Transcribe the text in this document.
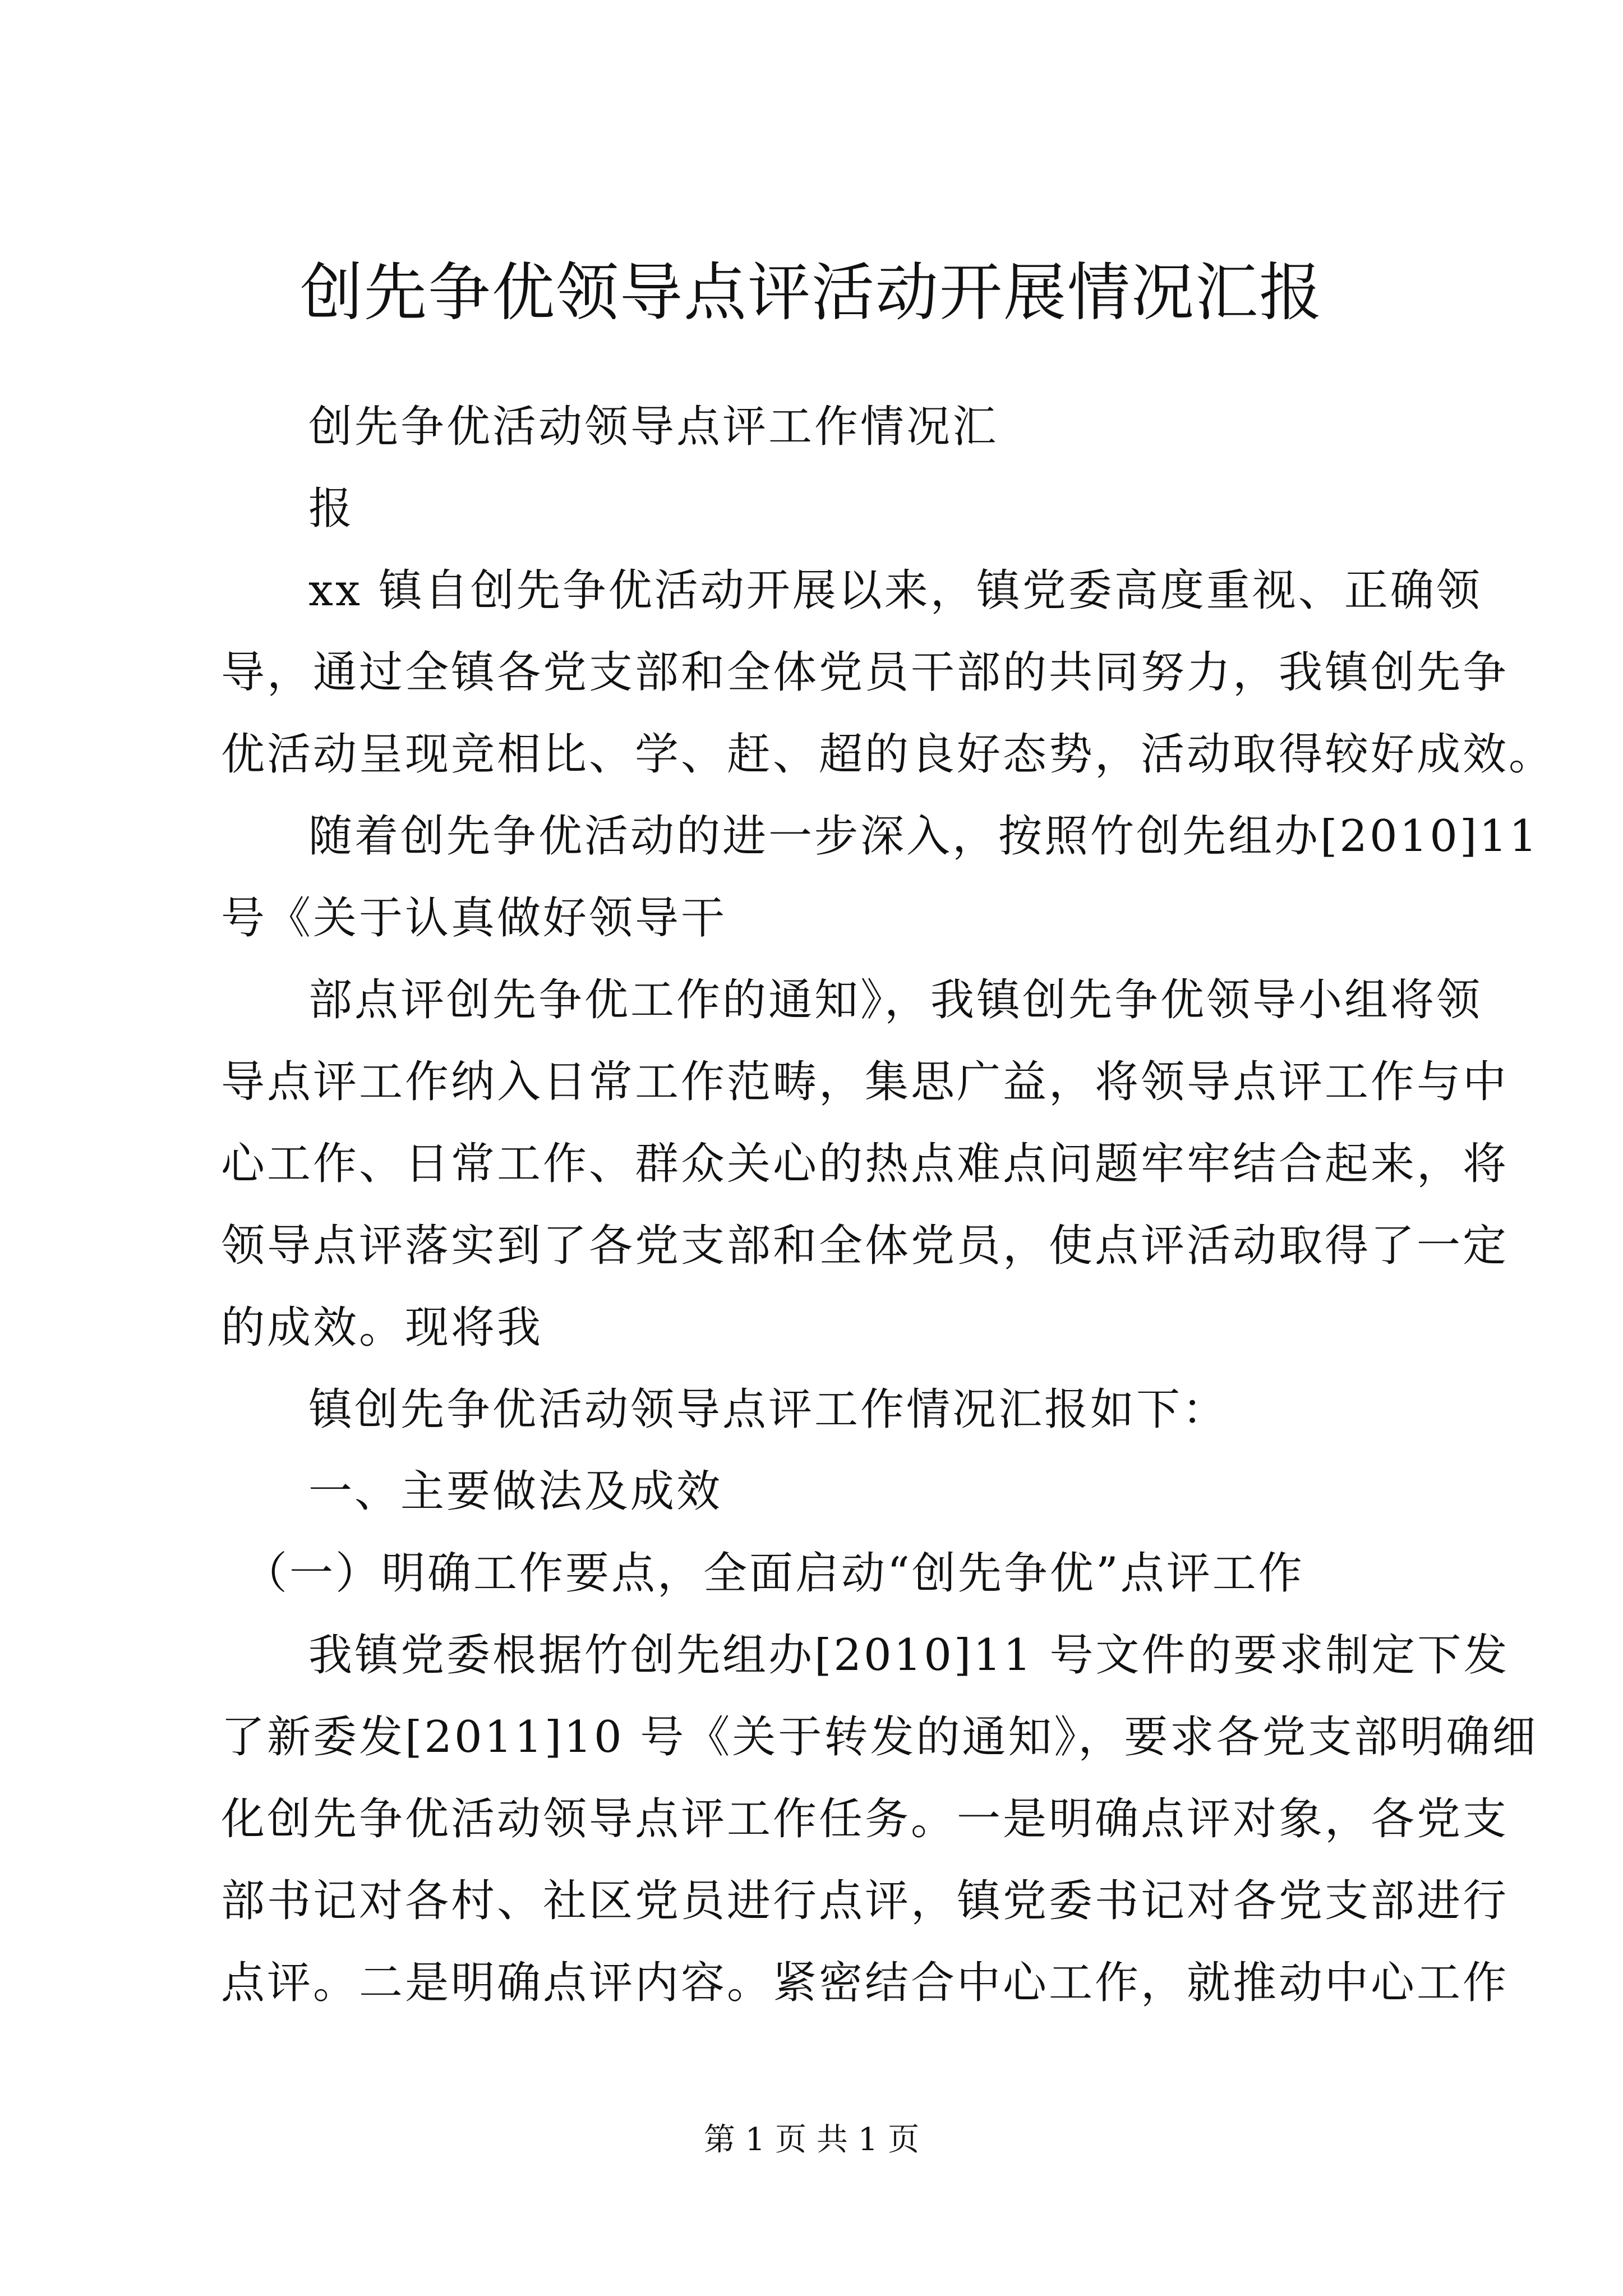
创先争优领导点评活动开展情况汇报
创先争优活动领导点评工作情况汇
报
xx 镇自创先争优活动开展以来，镇党委高度重视、正确领
导，通过全镇各党支部和全体党员干部的共同努力，我镇创先争
优活动呈现竞相比、学、赶、超的良好态势，活动取得较好成效。
随着创先争优活动的进一步深入，按照竹创先组办[2010]11
号《关于认真做好领导干
部点评创先争优工作的通知》，我镇创先争优领导小组将领
导点评工作纳入日常工作范畴，集思广益，将领导点评工作与中
心工作、日常工作、群众关心的热点难点问题牢牢结合起来，将
领导点评落实到了各党支部和全体党员，使点评活动取得了一定
的成效。现将我
镇创先争优活动领导点评工作情况汇报如下：
一、主要做法及成效
（一）明确工作要点，全面启动“创先争优”点评工作
我镇党委根据竹创先组办[2010]11 号文件的要求制定下发
了新委发[2011]10 号《关于转发的通知》，要求各党支部明确细
化创先争优活动领导点评工作任务。一是明确点评对象，各党支
部书记对各村、社区党员进行点评，镇党委书记对各党支部进行
点评。二是明确点评内容。紧密结合中心工作，就推动中心工作
第 1 页 共 1 页
